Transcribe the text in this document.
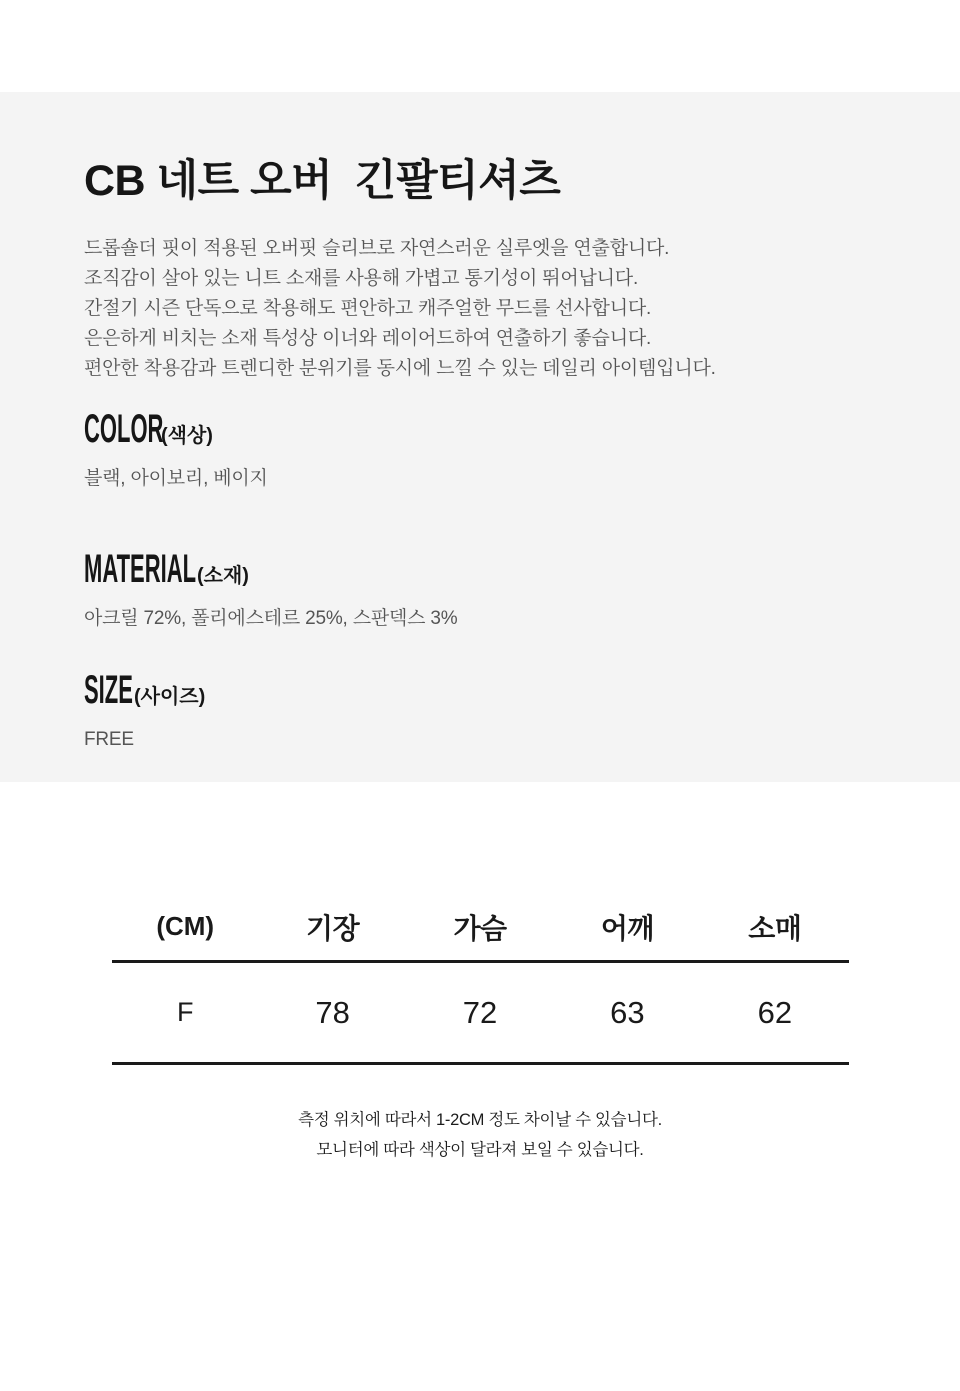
CB 네트 오버  긴팔티셔츠

드롭숄더 핏이 적용된 오버핏 슬리브로 자연스러운 실루엣을 연출합니다.

조직감이 살아 있는 니트 소재를 사용해 가볍고 통기성이 뛰어납니다.

간절기 시즌 단독으로 착용해도 편안하고 캐주얼한 무드를 선사합니다.

은은하게 비치는 소재 특성상 이너와 레이어드하여 연출하기 좋습니다.

편안한 착용감과 트렌디한 분위기를 동시에 느낄 수 있는 데일리 아이템입니다.

COLOR(색상)

블랙, 아이보리, 베이지

MATERIAL(소재)

아크릴 72%, 폴리에스테르 25%, 스판덱스 3%

SIZE(사이즈)

FREE

(CM)	기장	가슴	어깨	소매
F	78	72	63	62

측정 위치에 따라서 1-2CM 정도 차이날 수 있습니다.

모니터에 따라 색상이 달라져 보일 수 있습니다.
